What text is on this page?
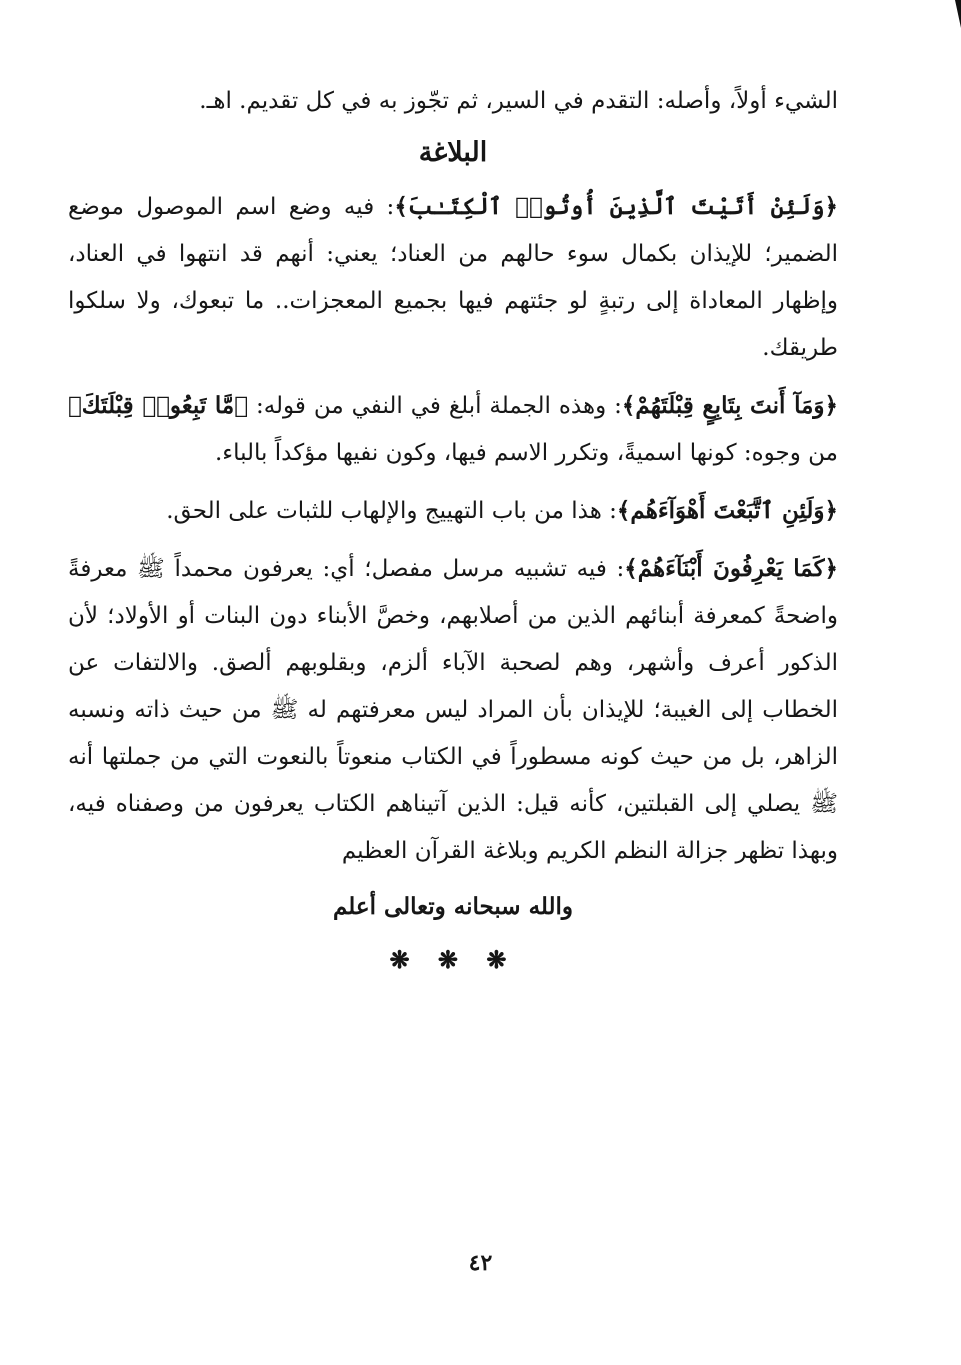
الشيء أولاً، وأصله: التقدم في السير، ثم تجّوز به في كل تقديم. اهـ.

البلاغة

﴿وَلَئِنْ أَتَيْتَ ٱلَّذِينَ أُوتُوا۟ ٱلْكِتَـٰبَ﴾: فيه وضع اسم الموصول موضع الضمير؛ للإيذان بكمال سوء حالهم من العناد؛ يعني: أنهم قد انتهوا في العناد، وإظهار المعاداة إلى رتبةٍ لو جئتهم فيها بجميع المعجزات.. ما تبعوك، ولا سلكوا طريقك.

﴿وَمَآ أَنتَ بِتَابِعٍ قِبْلَتَهُمْ﴾: وهذه الجملة أبلغ في النفي من قوله: ﴿مَّا تَبِعُوا۟ قِبْلَتَكَ﴾ من وجوه: كونها اسميةً، وتكرر الاسم فيها، وكون نفيها مؤكداً بالباء.

﴿وَلَئِنِ ٱتَّبَعْتَ أَهْوَآءَهُم﴾: هذا من باب التهييج والإلهاب للثبات على الحق.

﴿كَمَا يَعْرِفُونَ أَبْنَآءَهُمْ﴾: فيه تشبيه مرسل مفصل؛ أي: يعرفون محمداً ﷺ معرفةً واضحةً كمعرفة أبنائهم الذين من أصلابهم، وخصَّ الأبناء دون البنات أو الأولاد؛ لأن الذكور أعرف وأشهر، وهم لصحبة الآباء ألزم، وبقلوبهم ألصق. والالتفات عن الخطاب إلى الغيبة؛ للإيذان بأن المراد ليس معرفتهم له ﷺ من حيث ذاته ونسبه الزاهر، بل من حيث كونه مسطوراً في الكتاب منعوتاً بالنعوت التي من جملتها أنه ﷺ يصلي إلى القبلتين، كأنه قيل: الذين آتيناهم الكتاب يعرفون من وصفناه فيه، وبهذا تظهر جزالة النظم الكريم وبلاغة القرآن العظيم

والله سبحانه وتعالى أعلم
❋ ❋ ❋
٤٢
